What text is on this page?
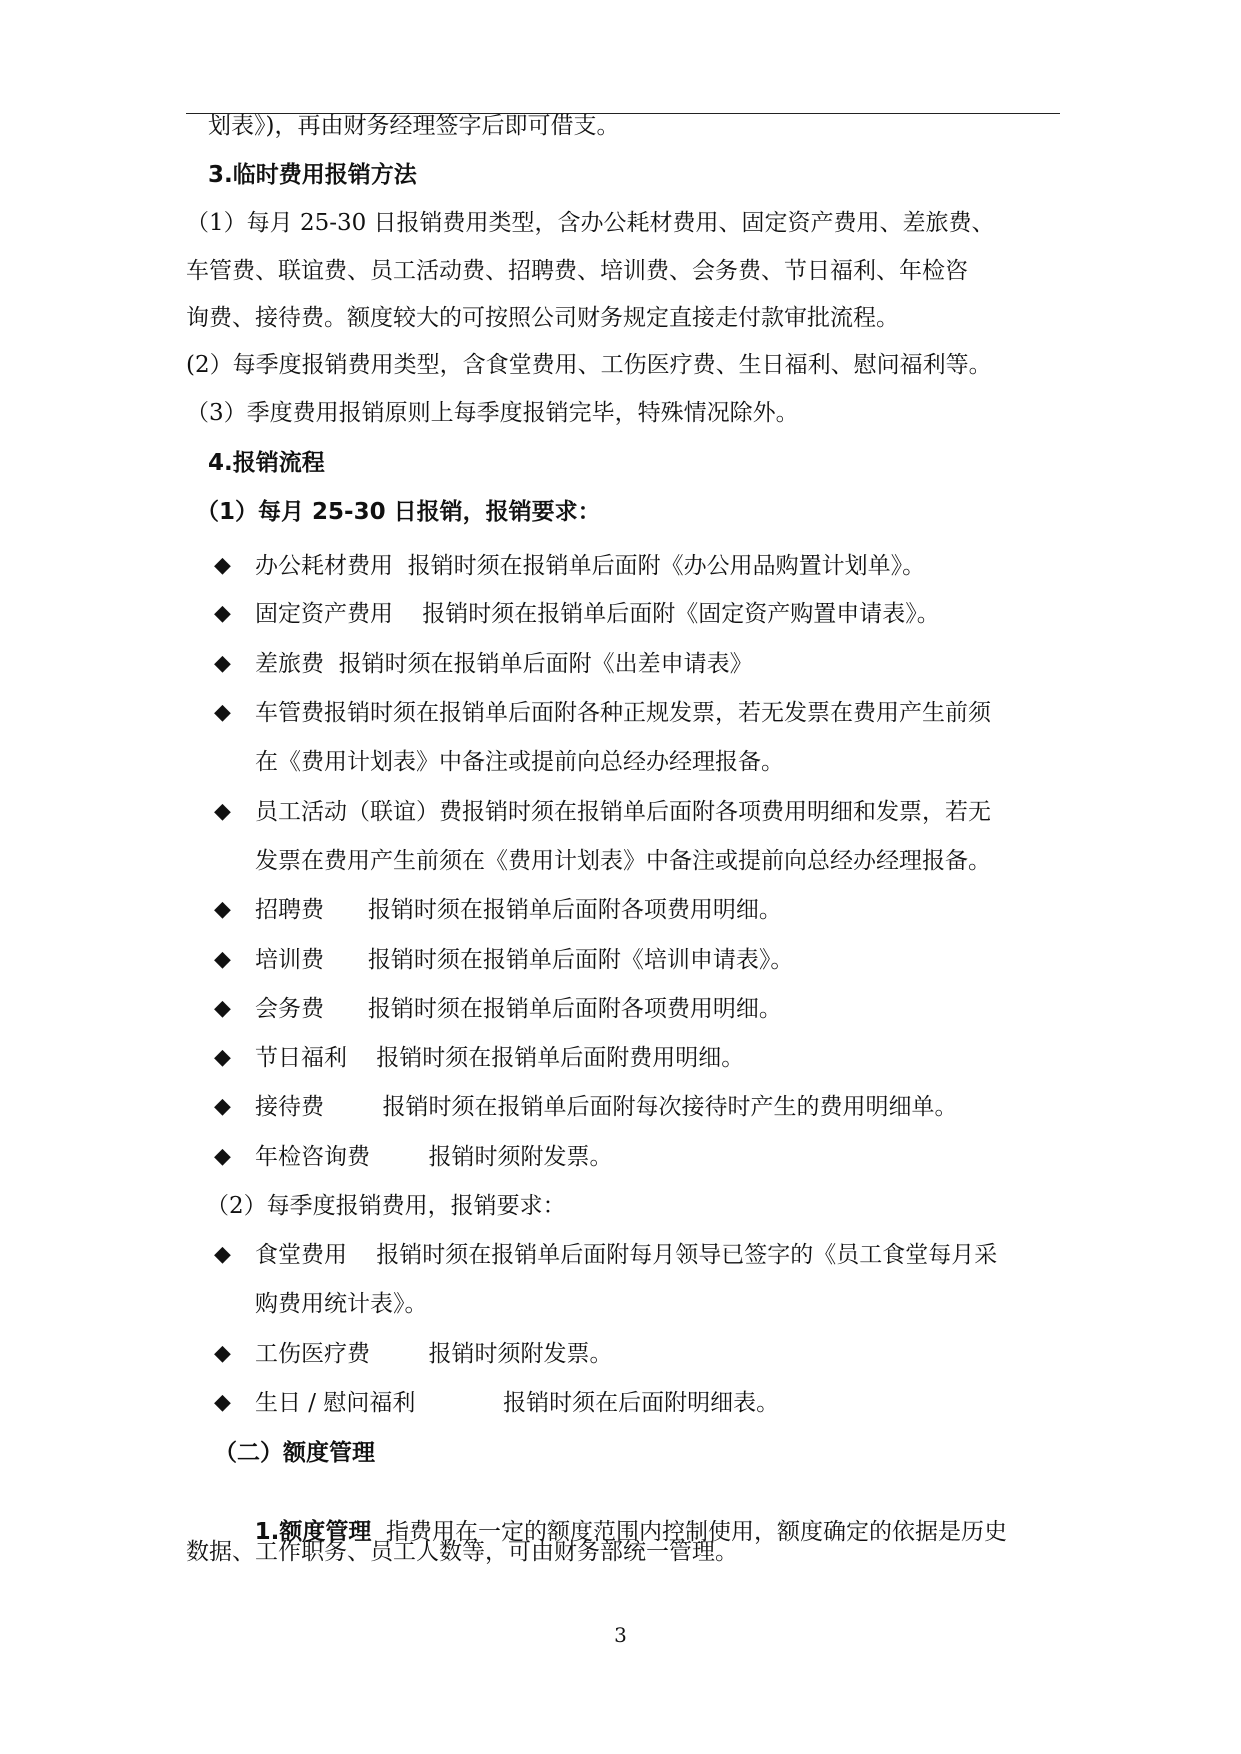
划表》)，再由财务经理签字后即可借支。
3.临时费用报销方法
（1）每月 25-30 日报销费用类型，含办公耗材费用、固定资产费用、差旅费、
车管费、联谊费、员工活动费、招聘费、培训费、会务费、节日福利、年检咨
询费、接待费。额度较大的可按照公司财务规定直接走付款审批流程。
(2）每季度报销费用类型，含食堂费用、工伤医疗费、生日福利、慰问福利等。
（3）季度费用报销原则上每季度报销完毕，特殊情况除外。
4.报销流程
（1）每月 25-30 日报销，报销要求：
◆ 办公耗材费用  报销时须在报销单后面附《办公用品购置计划单》。
◆ 固定资产费用    报销时须在报销单后面附《固定资产购置申请表》。
◆ 差旅费  报销时须在报销单后面附《出差申请表》
◆ 车管费报销时须在报销单后面附各种正规发票，若无发票在费用产生前须
在《费用计划表》中备注或提前向总经办经理报备。
◆ 员工活动（联谊）费报销时须在报销单后面附各项费用明细和发票，若无
发票在费用产生前须在《费用计划表》中备注或提前向总经办经理报备。
◆ 招聘费      报销时须在报销单后面附各项费用明细。
◆ 培训费      报销时须在报销单后面附《培训申请表》。
◆ 会务费      报销时须在报销单后面附各项费用明细。
◆ 节日福利    报销时须在报销单后面附费用明细。
◆ 接待费        报销时须在报销单后面附每次接待时产生的费用明细单。
◆ 年检咨询费        报销时须附发票。
（2）每季度报销费用，报销要求：
◆ 食堂费用    报销时须在报销单后面附每月领导已签字的《员工食堂每月采
购费用统计表》。
◆ 工伤医疗费        报销时须附发票。
◆ 生日 / 慰问福利            报销时须在后面附明细表。
（二）额度管理

1.额度管理  指费用在一定的额度范围内控制使用，额度确定的依据是历史

数据、工作职务、员工人数等，可由财务部统一管理。
3
